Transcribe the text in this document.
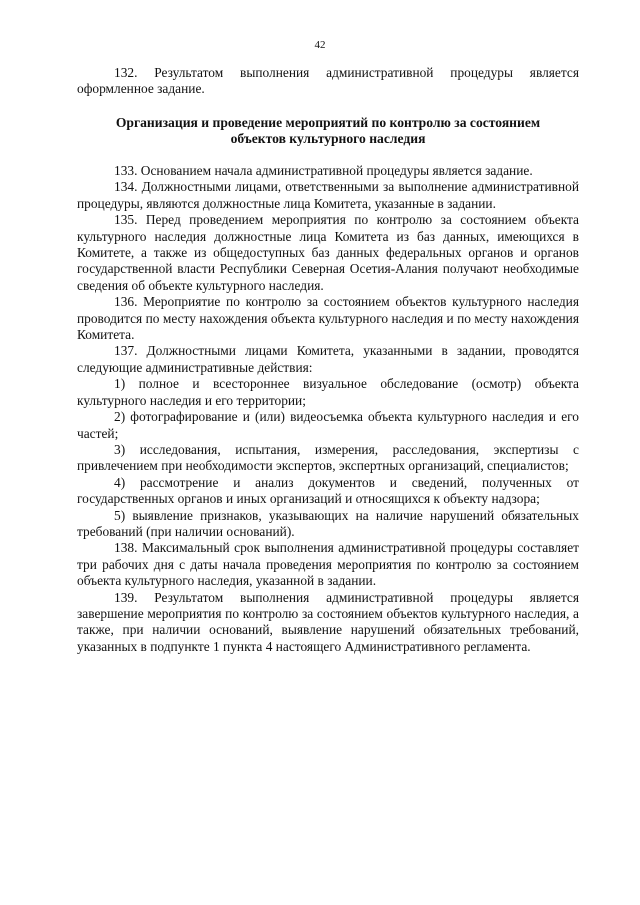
42

132. Результатом выполнения административной процедуры является оформленное задание.

Организация и проведение мероприятий по контролю за состоянием
объектов культурного наследия

133. Основанием начала административной процедуры является задание.

134. Должностными лицами, ответственными за выполнение административной процедуры, являются должностные лица Комитета, указанные в задании.

135. Перед проведением мероприятия по контролю за состоянием объекта культурного наследия должностные лица Комитета из баз данных, имеющихся в Комитете, а также из общедоступных баз данных федеральных органов и органов государственной власти Республики Северная Осетия-Алания получают необходимые сведения об объекте культурного наследия.

136. Мероприятие по контролю за состоянием объектов культурного наследия проводится по месту нахождения объекта культурного наследия и по месту нахождения Комитета.

137. Должностными лицами Комитета, указанными в задании, проводятся следующие административные действия:

1) полное и всестороннее визуальное обследование (осмотр) объекта культурного наследия и его территории;

2) фотографирование и (или) видеосъемка объекта культурного наследия и его частей;

3) исследования, испытания, измерения, расследования, экспертизы с привлечением при необходимости экспертов, экспертных организаций, специалистов;

4) рассмотрение и анализ документов и сведений, полученных от государственных органов и иных организаций и относящихся к объекту надзора;

5) выявление признаков, указывающих на наличие нарушений обязательных требований (при наличии оснований).

138. Максимальный срок выполнения административной процедуры составляет три рабочих дня с даты начала проведения мероприятия по контролю за состоянием объекта культурного наследия, указанной в задании.

139. Результатом выполнения административной процедуры является завершение мероприятия по контролю за состоянием объектов культурного наследия, а также, при наличии оснований, выявление нарушений обязательных требований, указанных в подпункте 1 пункта 4 настоящего Административного регламента.
